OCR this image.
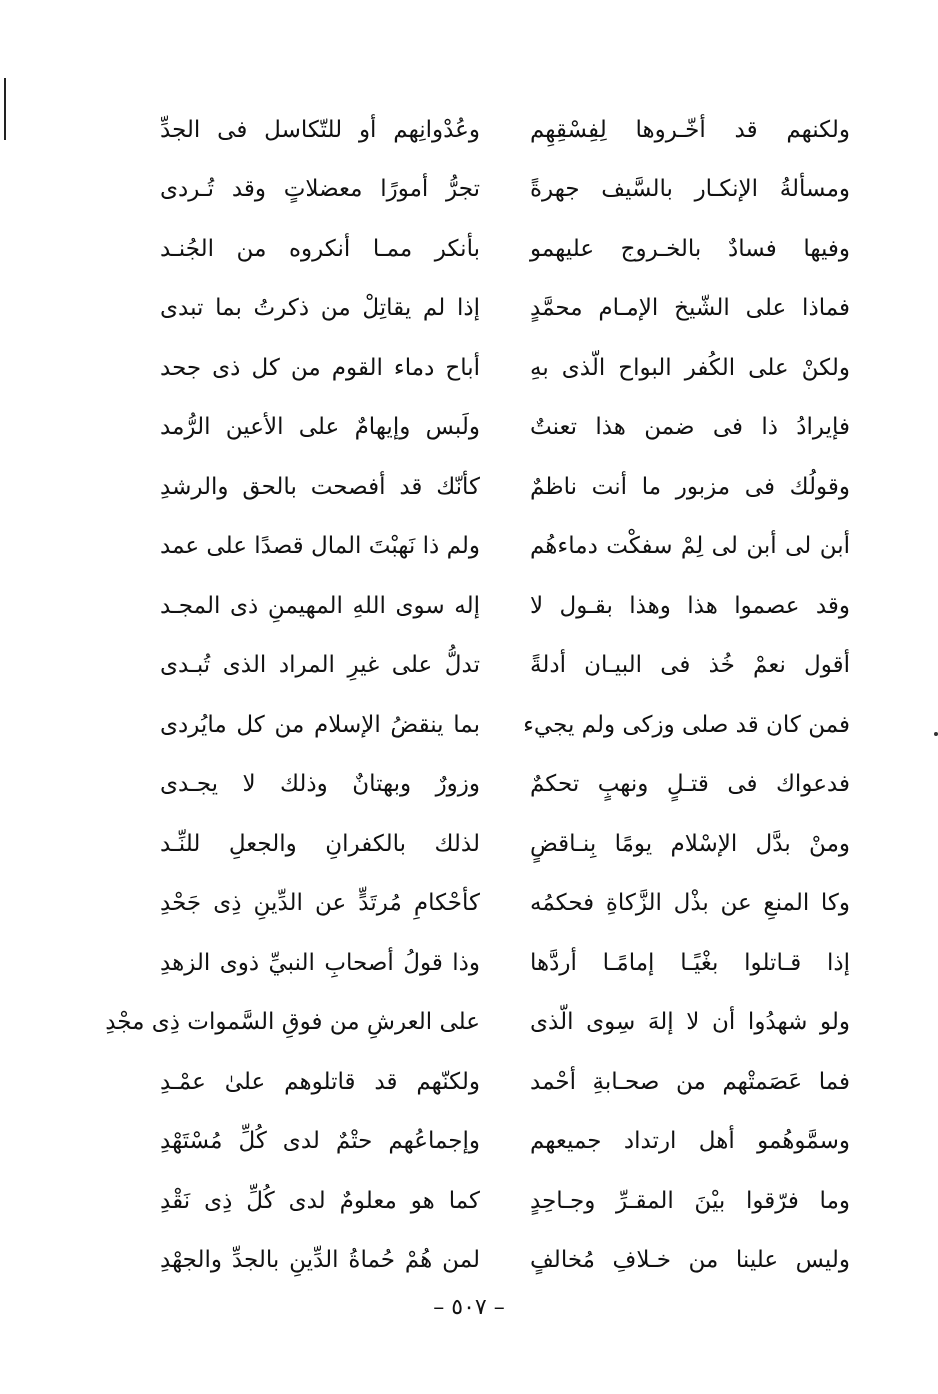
ولكنهم قد أخّـروها لِفِسْقِهِم
وعُدْوانِهم أو للتّكاسل فى الجدِّ
ومسألةُ الإنكـار بالسَّيف جهرةً
تجرُّ أمورًا معضلاتٍ وقد تُـردى
وفيها فسادٌ بالخـروج عليهمو
بأنكر ممـا أنكروه من الجُنـد
فماذا على الشّيخ الإمـام محمَّدٍ
إذا لم يقاتِلْ من ذكرتُ بما تبدى
ولكنْ على الكُفر البواح الّذى بهِ
أباح دماء القوم من كل ذى جحد
فإيرادُ ذا فى ضمن هذا تعنتٌ
ولَبس وإيهامٌ على الأعين الرُّمد
وقولُك فى مزبور ما أنت ناظمٌ
كأنّك قد أفصحت بالحق والرشدِ
أبن لى أبن لى لِمْ سفكْت دماءهُم
ولم ذا نَهبْتَ المال قصدًا على عمد
وقد عصموا هذا وهذا بقـول لا
إله سوى اللهِ المهيمنِ ذى المجـد
أقول نعمْ خُذ فى البيـان أدلةً
تدلُّ على غيرِ المراد الذى تُبـدى
فمن كان قد صلى وزكى ولم يجيء
بما ينقضُ الإسلام من كل مايُردى
فدعواك فى قتـلٍ ونهبٍ تحكمٌ
وزورٌ وبهتانٌ وذلك لا يجـدى
ومنْ بدَّل الإسْلام يومًا بِنـاقضٍ
لذلك بالكفرانِ والجعلِ للنِّـد
وكا المنعِ عن بذْل الزَّكاةِ فحكمُه
كأحْكامِ مُرتَدٍّ عن الدِّينِ ذِى جَحْدِ
إذا قـاتلوا بغْيًـا إمامًـا أردَّها
وذا قولُ أصحابِ النبيِّ ذوى الزهدِ
ولو شهدُوا أن لا إلهَ سِوى الّذى
على العرشِ من فوقِ السَّموات ذِى مجْدِ
فما عَصَمتْهم من صحـابةِ أحْمد
ولكنّهم قد قاتلوهم علىٰ عمْـدِ
وسمَّوهُمو أهل ارتداد جميعهم
وإجماعُهم حتْمٌ لدى كُلِّ مُسْتَهْدِ
وما فرّقوا بيْنَ المقـرِّ وجـاحِدٍ
كما هو معلومٌ لدى كُلِّ ذِى نَقْدِ
وليس علينا من خـلافِ مُخالفٍ
لمن هُمْ حُماةُ الدِّينِ بالجدِّ والجهْدِ
– ٥٠٧ –
